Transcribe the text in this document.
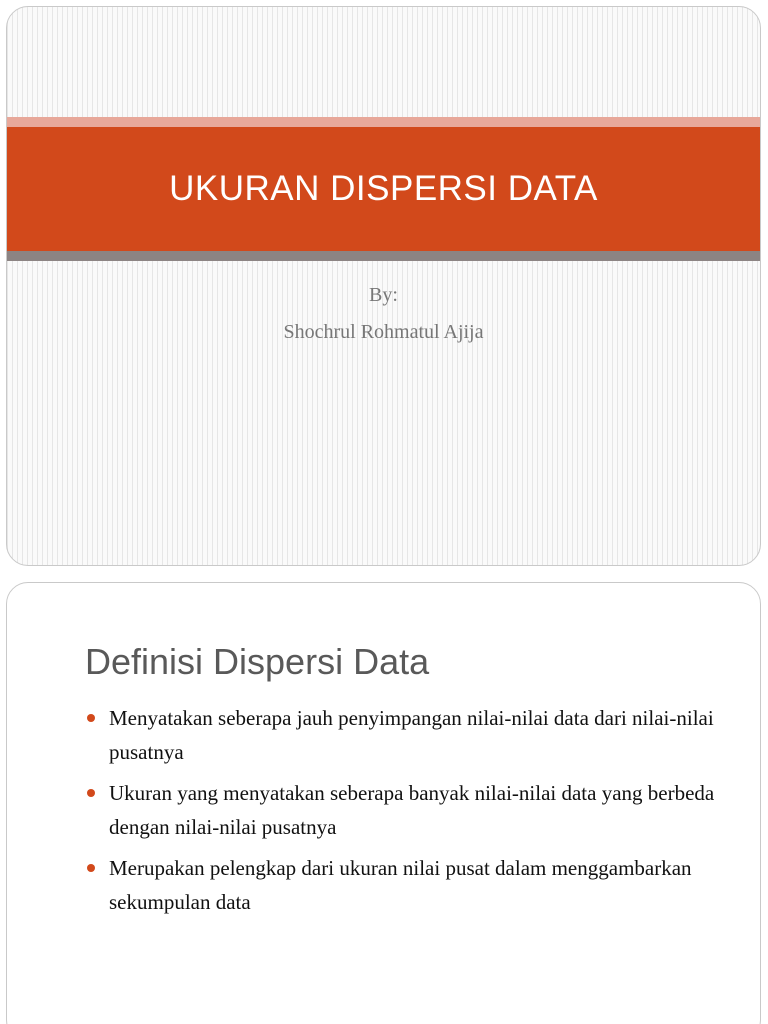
UKURAN DISPERSI DATA
By:
Shochrul Rohmatul Ajija
Definisi Dispersi Data
Menyatakan seberapa jauh penyimpangan nilai-nilai data dari nilai-nilai pusatnya
Ukuran yang menyatakan seberapa banyak nilai-nilai data yang berbeda dengan nilai-nilai pusatnya
Merupakan pelengkap dari ukuran nilai pusat dalam menggambarkan sekumpulan data
